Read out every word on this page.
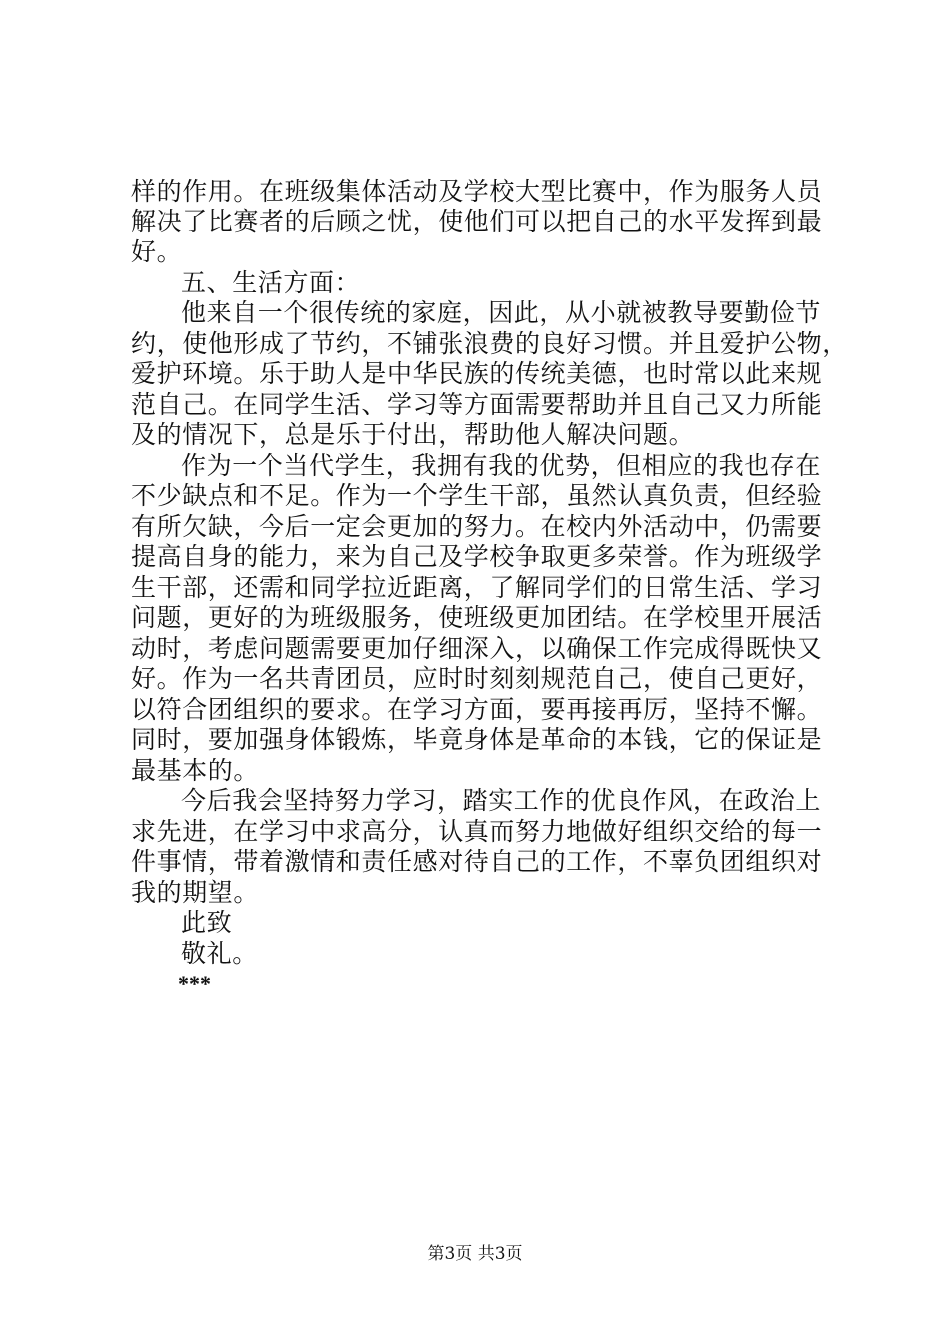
样的作用。在班级集体活动及学校大型比赛中，作为服务人员
解决了比赛者的后顾之忧，使他们可以把自己的水平发挥到最
好。
五、生活方面：
他来自一个很传统的家庭，因此，从小就被教导要勤俭节
约，使他形成了节约，不铺张浪费的良好习惯。并且爱护公物，
爱护环境。乐于助人是中华民族的传统美德，也时常以此来规
范自己。在同学生活、学习等方面需要帮助并且自己又力所能
及的情况下，总是乐于付出，帮助他人解决问题。
作为一个当代学生，我拥有我的优势，但相应的我也存在
不少缺点和不足。作为一个学生干部，虽然认真负责，但经验
有所欠缺，今后一定会更加的努力。在校内外活动中，仍需要
提高自身的能力，来为自己及学校争取更多荣誉。作为班级学
生干部，还需和同学拉近距离，了解同学们的日常生活、学习
问题，更好的为班级服务，使班级更加团结。在学校里开展活
动时，考虑问题需要更加仔细深入，以确保工作完成得既快又
好。作为一名共青团员，应时时刻刻规范自己，使自己更好，
以符合团组织的要求。在学习方面，要再接再厉，坚持不懈。
同时，要加强身体锻炼，毕竟身体是革命的本钱，它的保证是
最基本的。
今后我会坚持努力学习，踏实工作的优良作风，在政治上
求先进，在学习中求高分，认真而努力地做好组织交给的每一
件事情，带着激情和责任感对待自己的工作，不辜负团组织对
我的期望。
此致
敬礼。
***
第3页 共3页
